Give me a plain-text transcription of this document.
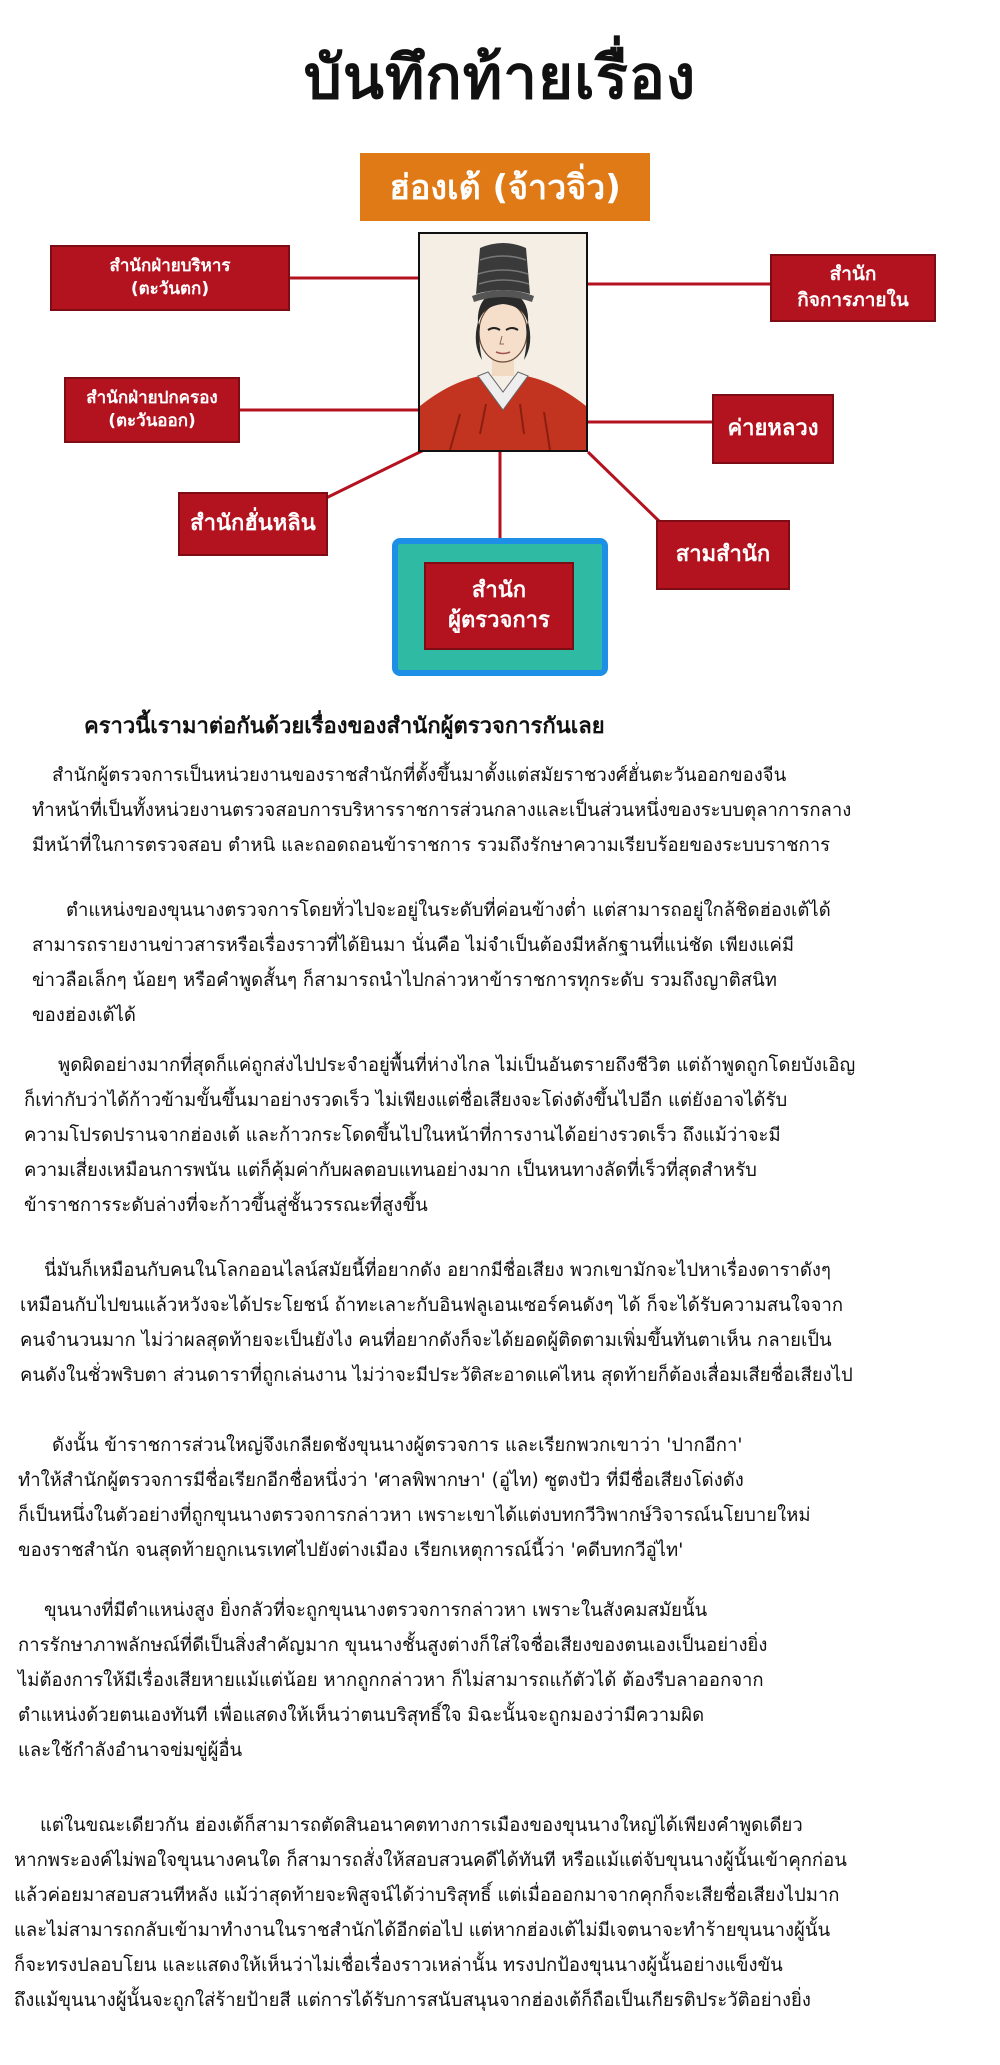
บันทึกท้ายเรื่อง
ฮ่องเต้ (จ้าวจิ่ว)
สำนักฝ่ายบริหาร
(ตะวันตก)
สำนักฝ่ายปกครอง
(ตะวันออก)
สำนักฮั่นหลิน
สำนัก
กิจการภายใน
ค่ายหลวง
สามสำนัก
สำนัก
ผู้ตรวจการ
คราวนี้เรามาต่อกันด้วยเรื่องของสำนักผู้ตรวจการกันเลย

สำนักผู้ตรวจการเป็นหน่วยงานของราชสำนักที่ตั้งขึ้นมาตั้งแต่สมัยราชวงศ์ฮั่นตะวันออกของจีน

ทำหน้าที่เป็นทั้งหน่วยงานตรวจสอบการบริหารราชการส่วนกลางและเป็นส่วนหนึ่งของระบบตุลาการกลาง

มีหน้าที่ในการตรวจสอบ ตำหนิ และถอดถอนข้าราชการ รวมถึงรักษาความเรียบร้อยของระบบราชการ

ตำแหน่งของขุนนางตรวจการโดยทั่วไปจะอยู่ในระดับที่ค่อนข้างต่ำ แต่สามารถอยู่ใกล้ชิดฮ่องเต้ได้

สามารถรายงานข่าวสารหรือเรื่องราวที่ได้ยินมา นั่นคือ ไม่จำเป็นต้องมีหลักฐานที่แน่ชัด เพียงแค่มี

ข่าวลือเล็กๆ น้อยๆ หรือคำพูดสั้นๆ ก็สามารถนำไปกล่าวหาข้าราชการทุกระดับ รวมถึงญาติสนิท

ของฮ่องเต้ได้

พูดผิดอย่างมากที่สุดก็แค่ถูกส่งไปประจำอยู่พื้นที่ห่างไกล ไม่เป็นอันตรายถึงชีวิต แต่ถ้าพูดถูกโดยบังเอิญ

ก็เท่ากับว่าได้ก้าวข้ามขั้นขึ้นมาอย่างรวดเร็ว ไม่เพียงแต่ชื่อเสียงจะโด่งดังขึ้นไปอีก แต่ยังอาจได้รับ

ความโปรดปรานจากฮ่องเต้ และก้าวกระโดดขึ้นไปในหน้าที่การงานได้อย่างรวดเร็ว ถึงแม้ว่าจะมี

ความเสี่ยงเหมือนการพนัน แต่ก็คุ้มค่ากับผลตอบแทนอย่างมาก เป็นหนทางลัดที่เร็วที่สุดสำหรับ

ข้าราชการระดับล่างที่จะก้าวขึ้นสู่ชั้นวรรณะที่สูงขึ้น

นี่มันก็เหมือนกับคนในโลกออนไลน์สมัยนี้ที่อยากดัง อยากมีชื่อเสียง พวกเขามักจะไปหาเรื่องดาราดังๆ

เหมือนกับไปขนแล้วหวังจะได้ประโยชน์ ถ้าทะเลาะกับอินฟลูเอนเซอร์คนดังๆ ได้ ก็จะได้รับความสนใจจาก

คนจำนวนมาก ไม่ว่าผลสุดท้ายจะเป็นยังไง คนที่อยากดังก็จะได้ยอดผู้ติดตามเพิ่มขึ้นทันตาเห็น กลายเป็น

คนดังในชั่วพริบตา ส่วนดาราที่ถูกเล่นงาน ไม่ว่าจะมีประวัติสะอาดแค่ไหน สุดท้ายก็ต้องเสื่อมเสียชื่อเสียงไป

ดังนั้น ข้าราชการส่วนใหญ่จึงเกลียดชังขุนนางผู้ตรวจการ และเรียกพวกเขาว่า 'ปากอีกา'

ทำให้สำนักผู้ตรวจการมีชื่อเรียกอีกชื่อหนึ่งว่า 'ศาลพิพากษา' (อู่ไท) ซูตงปัว ที่มีชื่อเสียงโด่งดัง

ก็เป็นหนึ่งในตัวอย่างที่ถูกขุนนางตรวจการกล่าวหา เพราะเขาได้แต่งบทกวีวิพากษ์วิจารณ์นโยบายใหม่

ของราชสำนัก จนสุดท้ายถูกเนรเทศไปยังต่างเมือง เรียกเหตุการณ์นี้ว่า 'คดีบทกวีอู่ไท'

ขุนนางที่มีตำแหน่งสูง ยิ่งกลัวที่จะถูกขุนนางตรวจการกล่าวหา เพราะในสังคมสมัยนั้น

การรักษาภาพลักษณ์ที่ดีเป็นสิ่งสำคัญมาก ขุนนางชั้นสูงต่างก็ใส่ใจชื่อเสียงของตนเองเป็นอย่างยิ่ง

ไม่ต้องการให้มีเรื่องเสียหายแม้แต่น้อย หากถูกกล่าวหา ก็ไม่สามารถแก้ตัวได้ ต้องรีบลาออกจาก

ตำแหน่งด้วยตนเองทันที เพื่อแสดงให้เห็นว่าตนบริสุทธิ์ใจ มิฉะนั้นจะถูกมองว่ามีความผิด

และใช้กำลังอำนาจข่มขู่ผู้อื่น

แต่ในขณะเดียวกัน ฮ่องเต้ก็สามารถตัดสินอนาคตทางการเมืองของขุนนางใหญ่ได้เพียงคำพูดเดียว

หากพระองค์ไม่พอใจขุนนางคนใด ก็สามารถสั่งให้สอบสวนคดีได้ทันที หรือแม้แต่จับขุนนางผู้นั้นเข้าคุกก่อน

แล้วค่อยมาสอบสวนทีหลัง แม้ว่าสุดท้ายจะพิสูจน์ได้ว่าบริสุทธิ์ แต่เมื่อออกมาจากคุกก็จะเสียชื่อเสียงไปมาก

และไม่สามารถกลับเข้ามาทำงานในราชสำนักได้อีกต่อไป แต่หากฮ่องเต้ไม่มีเจตนาจะทำร้ายขุนนางผู้นั้น

ก็จะทรงปลอบโยน และแสดงให้เห็นว่าไม่เชื่อเรื่องราวเหล่านั้น ทรงปกป้องขุนนางผู้นั้นอย่างแข็งขัน

ถึงแม้ขุนนางผู้นั้นจะถูกใส่ร้ายป้ายสี แต่การได้รับการสนับสนุนจากฮ่องเต้ก็ถือเป็นเกียรติประวัติอย่างยิ่ง
